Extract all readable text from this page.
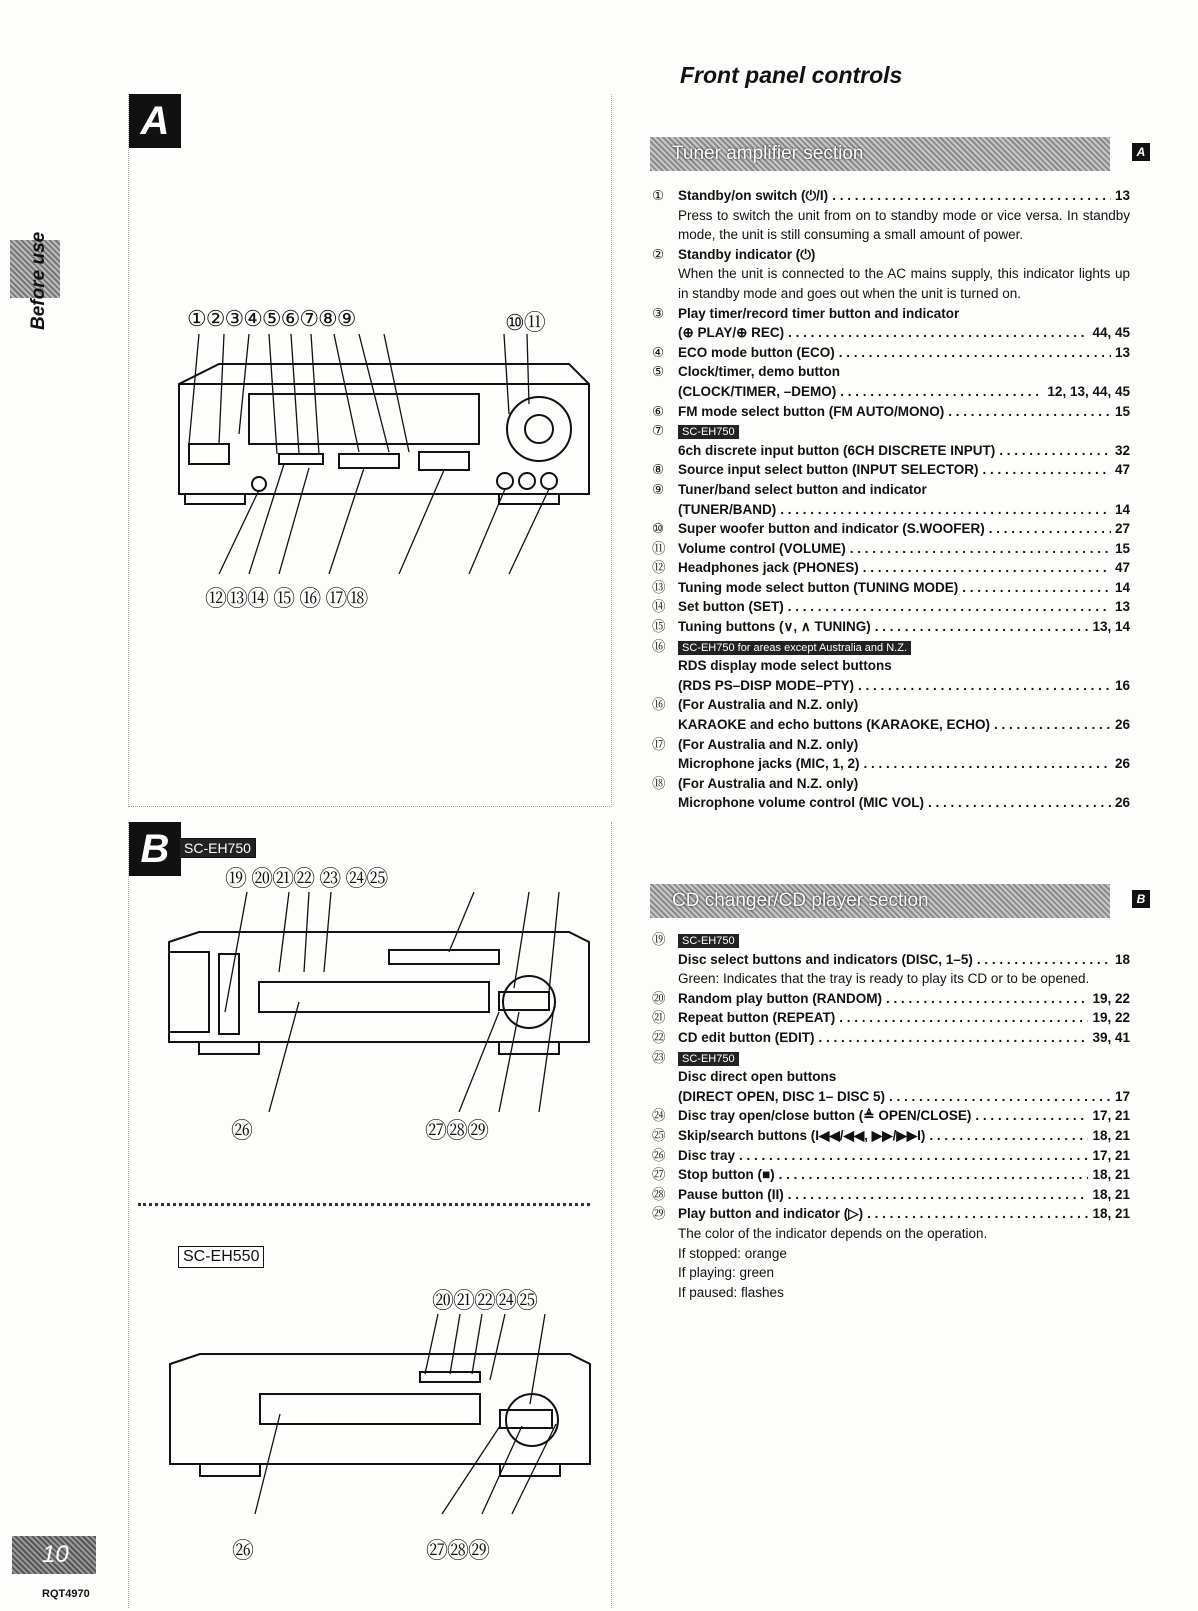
Before use
A
①②③④⑤⑥⑦⑧⑨	⑩⑪
⑫⑬⑭ ⑮ ⑯ ⑰⑱
B	SC-EH750
⑲ ⑳㉑㉒ ㉓ ㉔㉕
㉖	㉗㉘㉙
SC-EH550
⑳㉑㉒㉔㉕
㉖	㉗㉘㉙
10
RQT4970
Front panel controls
Tuner amplifier section	A
①	Standby/on switch (⏻/I) . . .	13
Press to switch the unit from on to standby mode or vice versa. In standby mode, the unit is still consuming a small amount of power.
②	Standby indicator (⏻)
When the unit is connected to the AC mains supply, this indicator lights up in standby mode and goes out when the unit is turned on.
③	Play timer/record timer button and indicator
(⊕ PLAY/⊕ REC) . . .	44, 45
④	ECO mode button (ECO) . . .	13
⑤	Clock/timer, demo button
(CLOCK/TIMER, –DEMO) . . .	12, 13, 44, 45
⑥	FM mode select button (FM AUTO/MONO) . . .	15
⑦	SC-EH750
6ch discrete input button (6CH DISCRETE INPUT) . . .	32
⑧	Source input select button (INPUT SELECTOR) . . .	47
⑨	Tuner/band select button and indicator
(TUNER/BAND) . . .	14
⑩	Super woofer button and indicator (S.WOOFER) . . .	27
⑪ Volume control (VOLUME) . . .	15
⑫ Headphones jack (PHONES) . . .	47
⑬ Tuning mode select button (TUNING MODE) . . .	14
⑭ Set button (SET) . . .	13
⑮ Tuning buttons (∨, ∧ TUNING) . . .	13, 14
⑯	SC-EH750 for areas except Australia and N.Z.
RDS display mode select buttons
(RDS PS–DISP MODE–PTY) . . .	16
⑯ (For Australia and N.Z. only)
KARAOKE and echo buttons (KARAOKE, ECHO) . . .	26
⑰ (For Australia and N.Z. only)
Microphone jacks (MIC, 1, 2) . . .	26
⑱ (For Australia and N.Z. only)
Microphone volume control (MIC VOL) . . .	26
CD changer/CD player section	B
⑲	SC-EH750
Disc select buttons and indicators (DISC, 1–5) . . .	18
Green: Indicates that the tray is ready to play its CD or to be opened.
⑳ Random play button (RANDOM) . . .	19, 22
㉑ Repeat button (REPEAT) . . .	19, 22
㉒ CD edit button (EDIT) . . .	39, 41
㉓	SC-EH750
Disc direct open buttons
(DIRECT OPEN, DISC 1– DISC 5) . . .	17
㉔ Disc tray open/close button (≜ OPEN/CLOSE) . . .	17, 21
㉕ Skip/search buttons (I◀◀/◀◀, ▶▶/▶▶I) . . .	18, 21
㉖ Disc tray . . .	17, 21
㉗ Stop button (■) . . .	18, 21
㉘ Pause button (II) . . .	18, 21
㉙ Play button and indicator (▷) . . .	18, 21
The color of the indicator depends on the operation.
If stopped: orange
If playing: green
If paused: flashes
